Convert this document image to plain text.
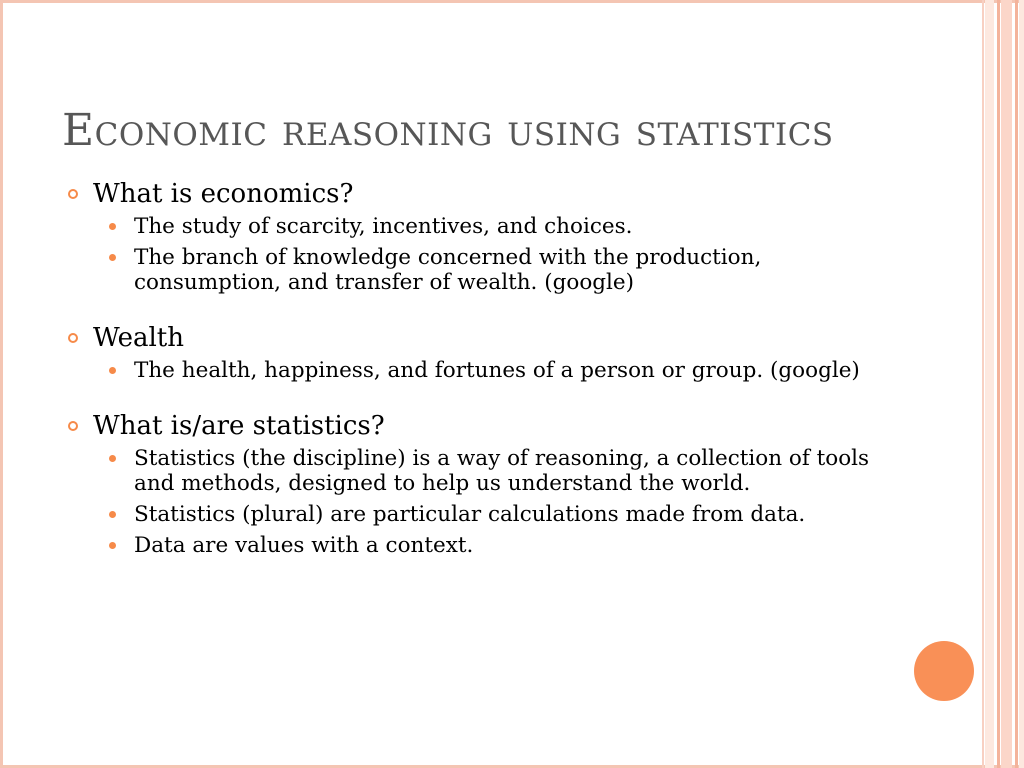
Economic reasoning using statistics
What is economics?
The study of scarcity, incentives, and choices.
The branch of knowledge concerned with the production, consumption, and transfer of wealth. (google)
Wealth
The health, happiness, and fortunes of a person or group. (google)
What is/are statistics?
Statistics (the discipline) is a way of reasoning, a collection of tools and methods, designed to help us understand the world.
Statistics (plural) are particular calculations made from data.
Data are values with a context.
